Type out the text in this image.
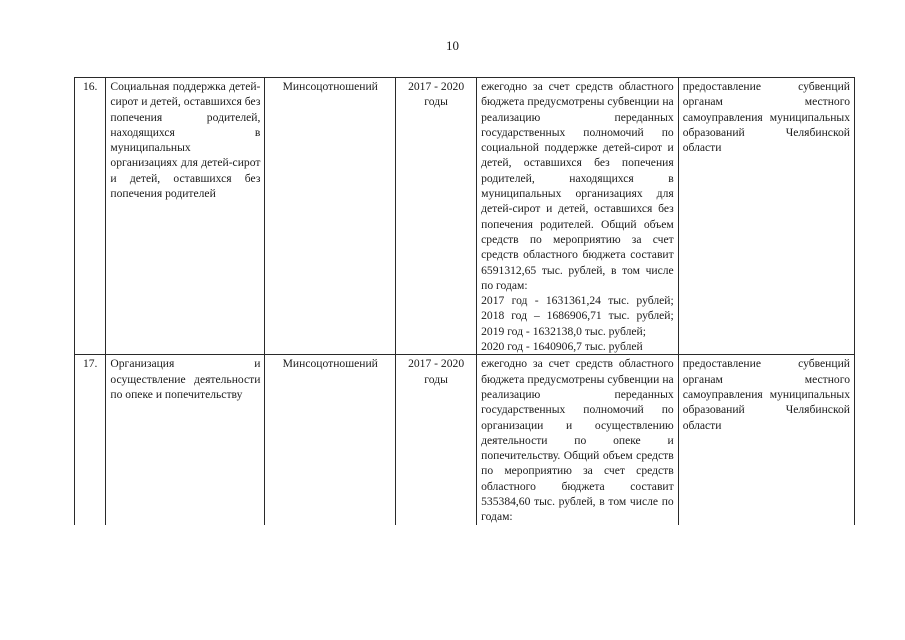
10
16.	Социальная поддержка детей-сирот и детей, оставшихся без попечения родителей, находящихся в муниципальных организациях для детей-сирот и детей, оставшихся без попечения родителей	Минсоцотношений	2017 - 2020 годы	ежегодно за счет средств областного бюджета предусмотрены субвенции на реализацию переданных государственных полномочий по социальной поддержке детей-сирот и детей, оставшихся без попечения родителей, находящихся в муниципальных организациях для детей-сирот и детей, оставшихся без попечения родителей. Общий объем средств по мероприятию за счет средств областного бюджета составит 6591312,65 тыс. рублей, в том числе по годам:
2017 год - 1631361,24 тыс. рублей;
2018 год – 1686906,71 тыс. рублей;
2019 год - 1632138,0 тыс. рублей;
2020 год - 1640906,7 тыс. рублей	предоставление субвенций органам местного самоуправления муниципальных образований Челябинской области
17.	Организация и осуществление деятельности по опеке и попечительству	Минсоцотношений	2017 - 2020 годы	ежегодно за счет средств областного бюджета предусмотрены субвенции на реализацию переданных государственных полномочий по организации и осуществлению деятельности по опеке и попечительству. Общий объем средств по мероприятию за счет средств областного бюджета составит 535384,60 тыс. рублей, в том числе по годам:	предоставление субвенций органам местного самоуправления муниципальных образований Челябинской области
